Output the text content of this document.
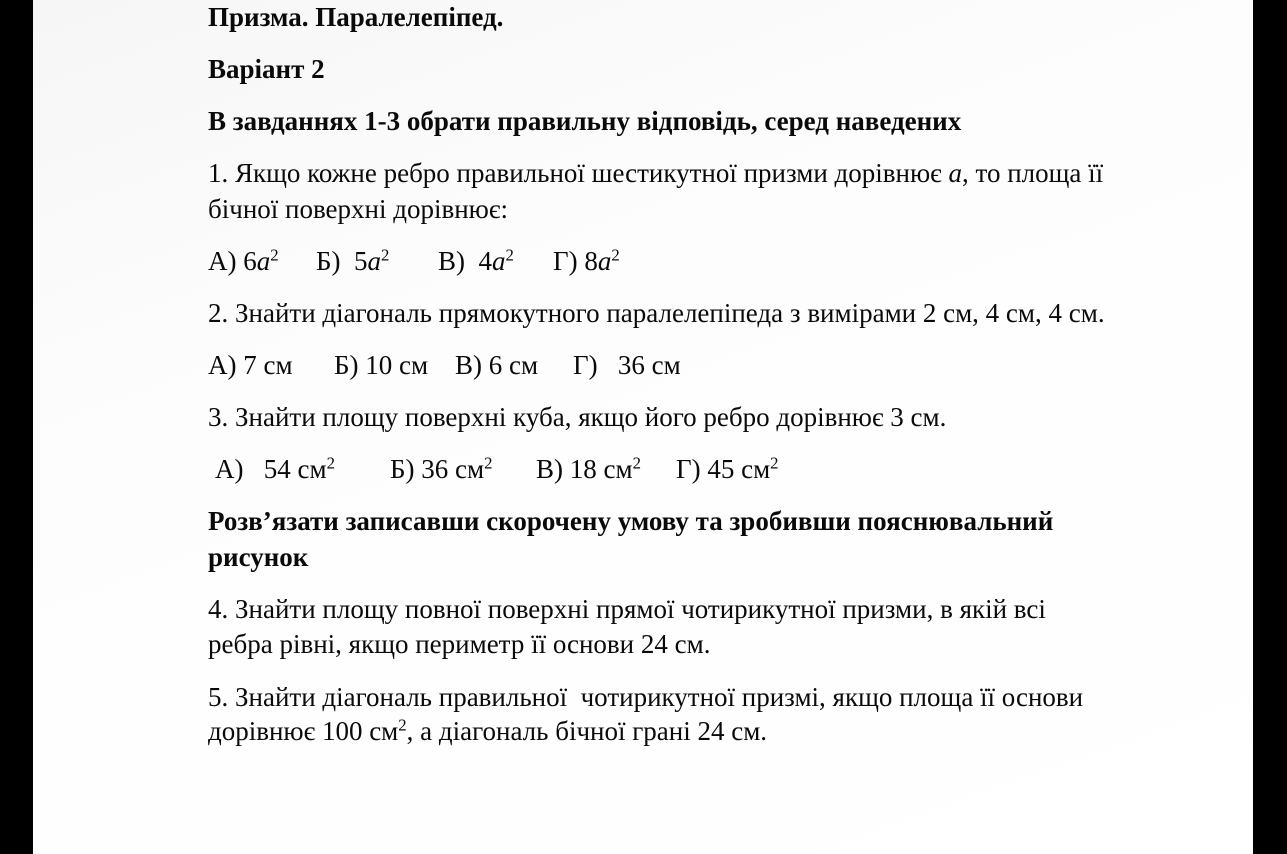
Призма. Паралелепіпед.
Варіант 2
В завданнях 1-3 обрати правильну відповідь, серед наведених
1. Якщо кожне ребро правильної шестикутної призми дорівнює a, то площа її
бічної поверхні дорівнює:
А) $6a^2$	Б) $5a^2$	В) $4a^2$	Г) $8a^2$
2. Знайти діагональ прямокутного паралелепіпеда з вимірами 2 см, 4 см, 4 см.
А) 7 см	Б) 10 см В) 6 см	Г)   36 см
3. Знайти площу поверхні куба, якщо його ребро дорівнює 3 см.
А)   54 $см^2$	Б) 36 $см^2$	В) 18 $см^2$	Г) 45 $см^2$
Розв’язати записавши скорочену умову та зробивши пояснювальний
рисунок
4. Знайти площу повної поверхні прямої чотирикутної призми, в якій всі
ребра рівні, якщо периметр її основи 24 см.
5. Знайти діагональ правильної  чотирикутної призмі, якщо площа її основи
дорівнює 100 $см^2$, а діагональ бічної грані 24 см.
